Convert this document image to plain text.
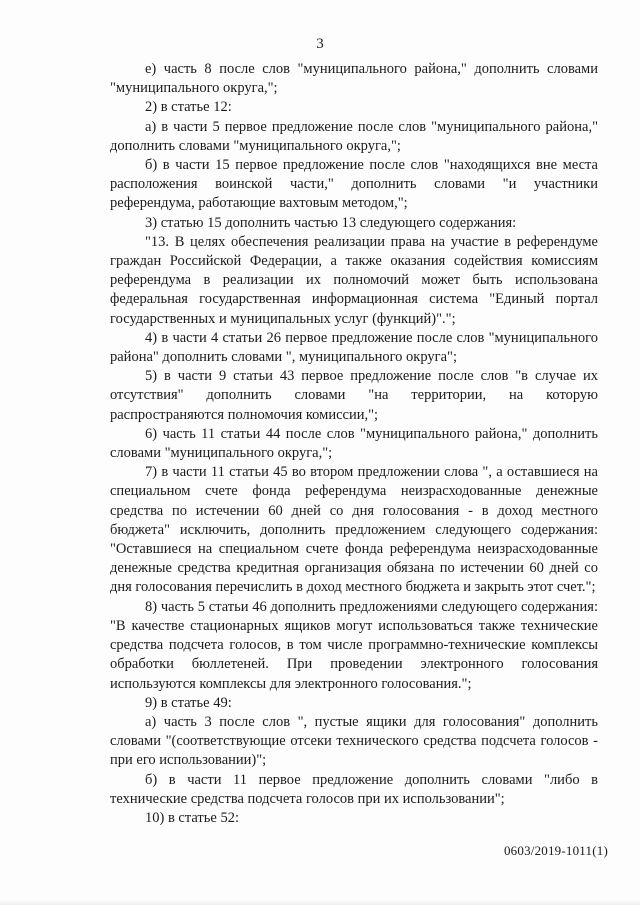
3

е) часть 8 после слов "муниципального района," дополнить словами "муниципального округа,";

2) в статье 12:

а) в части 5 первое предложение после слов "муниципального района," дополнить словами "муниципального округа,";

б) в части 15 первое предложение после слов "находящихся вне места расположения воинской части," дополнить словами "и участники референдума, работающие вахтовым методом,";

3) статью 15 дополнить частью 13 следующего содержания:

"13. В целях обеспечения реализации права на участие в референдуме граждан Российской Федерации, а также оказания содействия комиссиям референдума в реализации их полномочий может быть использована федеральная государственная информационная система "Единый портал государственных и муниципальных услуг (функций)".";

4) в части 4 статьи 26 первое предложение после слов "муниципального района" дополнить словами ", муниципального округа";

5) в части 9 статьи 43 первое предложение после слов "в случае их отсутствия" дополнить словами "на территории, на которую распространяются полномочия комиссии,";

6) часть 11 статьи 44 после слов "муниципального района," дополнить словами "муниципального округа,";

7) в части 11 статьи 45 во втором предложении слова ", а оставшиеся на специальном счете фонда референдума неизрасходованные денежные средства по истечении 60 дней со дня голосования - в доход местного бюджета" исключить, дополнить предложением следующего содержания: "Оставшиеся на специальном счете фонда референдума неизрасходованные денежные средства кредитная организация обязана по истечении 60 дней со дня голосования перечислить в доход местного бюджета и закрыть этот счет.";

8) часть 5 статьи 46 дополнить предложениями следующего содержания: "В качестве стационарных ящиков могут использоваться также технические средства подсчета голосов, в том числе программно-технические комплексы обработки бюллетеней. При проведении электронного голосования используются комплексы для электронного голосования.";

9) в статье 49:

а) часть 3 после слов ", пустые ящики для голосования" дополнить словами "(соответствующие отсеки технического средства подсчета голосов - при его использовании)";

б) в части 11 первое предложение дополнить словами "либо в технические средства подсчета голосов при их использовании";

10) в статье 52:

0603/2019-1011(1)
